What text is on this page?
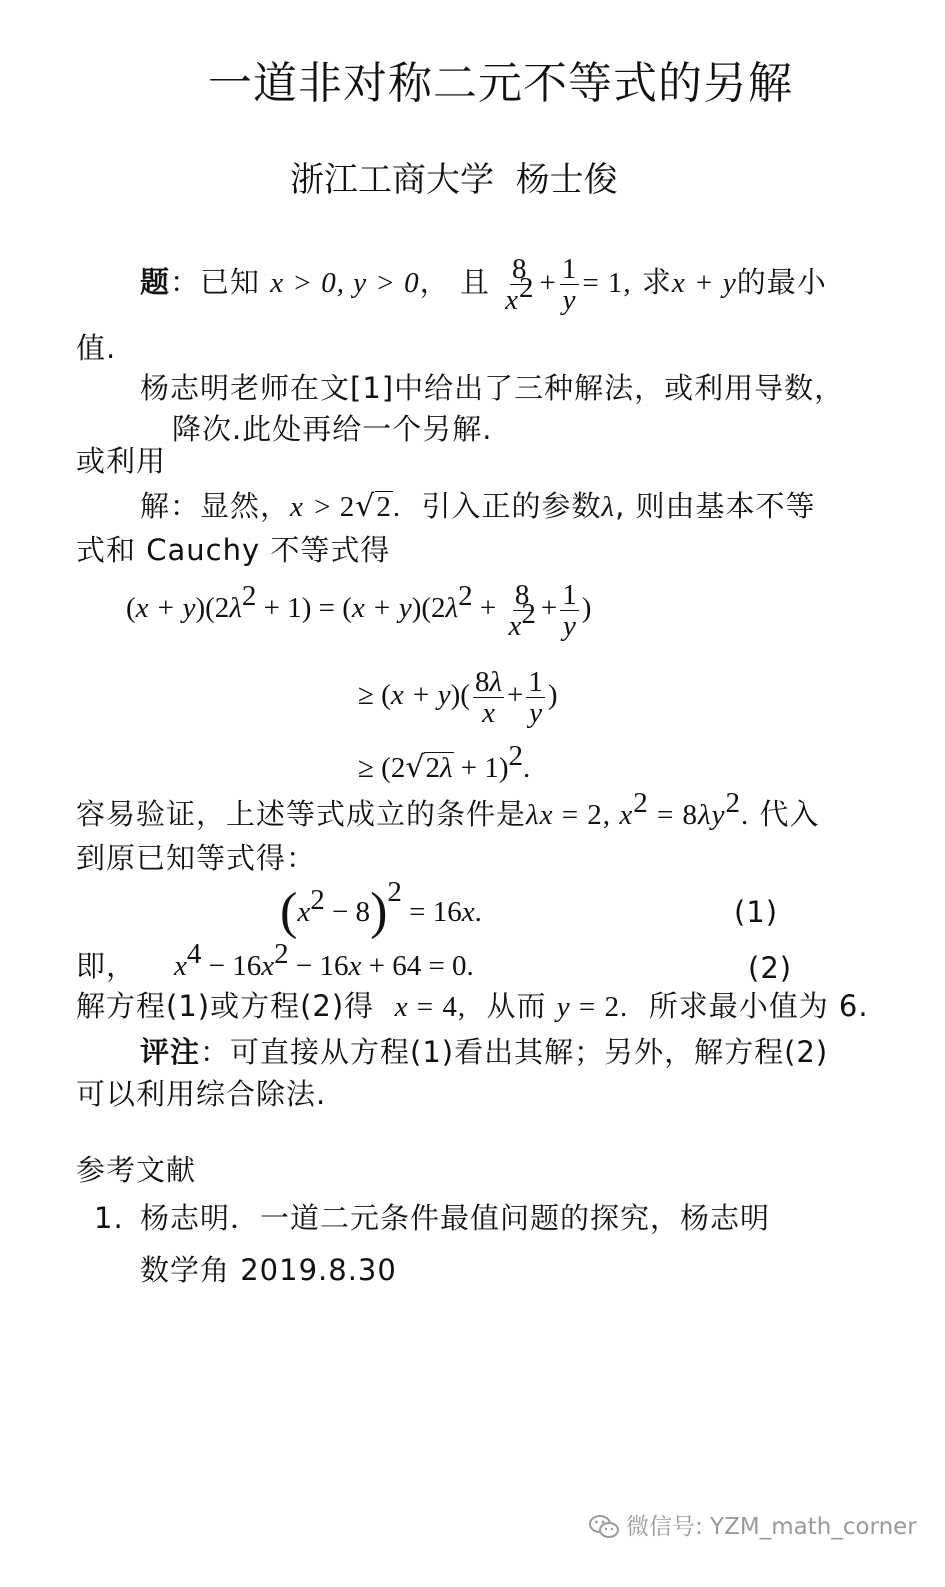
一道非对称二元不等式的另解
浙江工商大学  杨士俊
题：已知 x > 0, y > 0， 且 $\frac{8}{x^2} + \frac{1}{y} = 1$, 求x + y的最小
值.
杨志明老师在文[1]中给出了三种解法，或利用导数，
降次.此处再给一个另解.
或利用
解：显然，x > 2√2. 引入正的参数λ, 则由基本不等
式和 Cauchy 不等式得
$(x + y)(2\lambda^2 + 1) = (x + y)(2\lambda^2 + \frac{8}{x^2} + \frac{1}{y}$ )
≥ $(x + y)( \frac{8\lambda}{x} + \frac{1}{y}$ )
≥ $(2√2\lambda + 1)^2$.
容易验证，上述等式成立的条件是λx = 2, $x^2 = 8\lambda y^2$. 代入
到原已知等式得：
$(x^2 - 8)^2 = 16x$.	(1)
即， $x^4 - 16x^2 - 16x + 64 = 0$.	(2)
解方程(1)或方程(2)得 x = 4, 从而 y = 2. 所求最小值为 6.
评注：可直接从方程(1)看出其解；另外，解方程(2)
可以利用综合除法.
参考文献
1. 杨志明．一道二元条件最值问题的探究，杨志明
数学角 2019.8.30
微信号: YZM_math_corner
